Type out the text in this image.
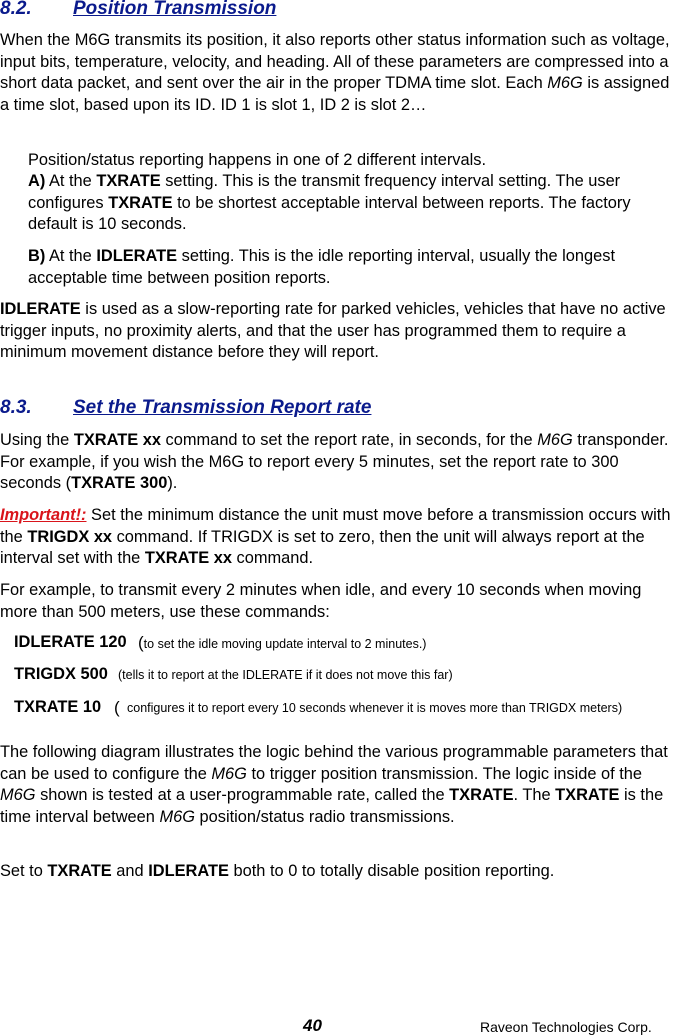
8.2. Position Transmission
When the M6G transmits its position, it also reports other status information such as voltage, input bits, temperature, velocity, and heading. All of these parameters are compressed into a short data packet, and sent over the air in the proper TDMA time slot. Each M6G is assigned a time slot, based upon its ID. ID 1 is slot 1, ID 2 is slot 2…
Position/status reporting happens in one of 2 different intervals.
A) At the TXRATE setting. This is the transmit frequency interval setting. The user configures TXRATE to be shortest acceptable interval between reports. The factory default is 10 seconds.
B) At the IDLERATE setting. This is the idle reporting interval, usually the longest acceptable time between position reports.
IDLERATE is used as a slow-reporting rate for parked vehicles, vehicles that have no active trigger inputs, no proximity alerts, and that the user has programmed them to require a minimum movement distance before they will report.
8.3. Set the Transmission Report rate
Using the TXRATE xx command to set the report rate, in seconds, for the M6G transponder. For example, if you wish the M6G to report every 5 minutes, set the report rate to 300 seconds (TXRATE 300).
Important!: Set the minimum distance the unit must move before a transmission occurs with the TRIGDX xx command. If TRIGDX is set to zero, then the unit will always report at the interval set with the TXRATE xx command.
For example, to transmit every 2 minutes when idle, and every 10 seconds when moving more than 500 meters, use these commands:
IDLERATE 120 (to set the idle moving update interval to 2 minutes.)
TRIGDX 500 (tells it to report at the IDLERATE if it does not move this far)
TXRATE 10 ( configures it to report every 10 seconds whenever it is moves more than TRIGDX meters)
The following diagram illustrates the logic behind the various programmable parameters that can be used to configure the M6G to trigger position transmission. The logic inside of the M6G shown is tested at a user-programmable rate, called the TXRATE. The TXRATE is the time interval between M6G position/status radio transmissions.
Set to TXRATE and IDLERATE both to 0 to totally disable position reporting.
40	Raveon Technologies Corp.
